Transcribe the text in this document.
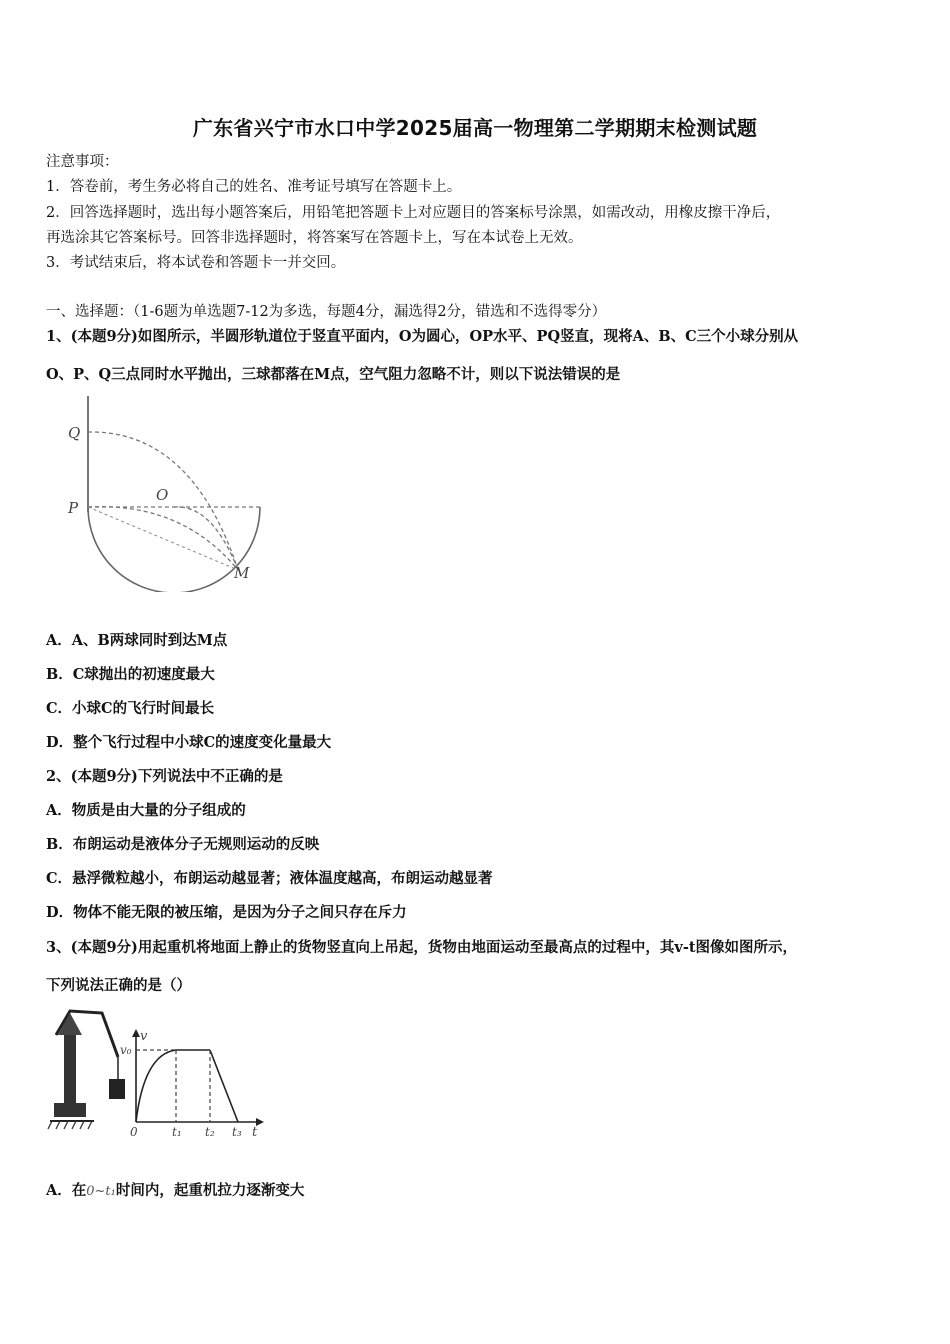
广东省兴宁市水口中学2025届高一物理第二学期期末检测试题
注意事项：
1．答卷前，考生务必将自己的姓名、准考证号填写在答题卡上。
2．回答选择题时，选出每小题答案后，用铅笔把答题卡上对应题目的答案标号涂黑，如需改动，用橡皮擦干净后，
再选涂其它答案标号。回答非选择题时，将答案写在答题卡上，写在本试卷上无效。
3．考试结束后，将本试卷和答题卡一并交回。
一、选择题：（1-6题为单选题7-12为多选，每题4分，漏选得2分，错选和不选得零分）
1、(本题9分)如图所示，半圆形轨道位于竖直平面内，O为圆心，OP水平、PQ竖直，现将A、B、C三个小球分别从
O、P、Q三点同时水平抛出，三球都落在M点，空气阻力忽略不计，则以下说法错误的是
Q
P
O
M
A．A、B两球同时到达M点
B．C球抛出的初速度最大
C．小球C的飞行时间最长
D．整个飞行过程中小球C的速度变化量最大
2、(本题9分)下列说法中不正确的是
A．物质是由大量的分子组成的
B．布朗运动是液体分子无规则运动的反映
C．悬浮微粒越小，布朗运动越显著；液体温度越高，布朗运动越显著
D．物体不能无限的被压缩，是因为分子之间只存在斥力
3、(本题9分)用起重机将地面上静止的货物竖直向上吊起，货物由地面运动至最高点的过程中，其v-t图像如图所示，
下列说法正确的是（）
v
v₀
0	t₁ t₂ t₃ t
A．在0~t₁时间内，起重机拉力逐渐变大
